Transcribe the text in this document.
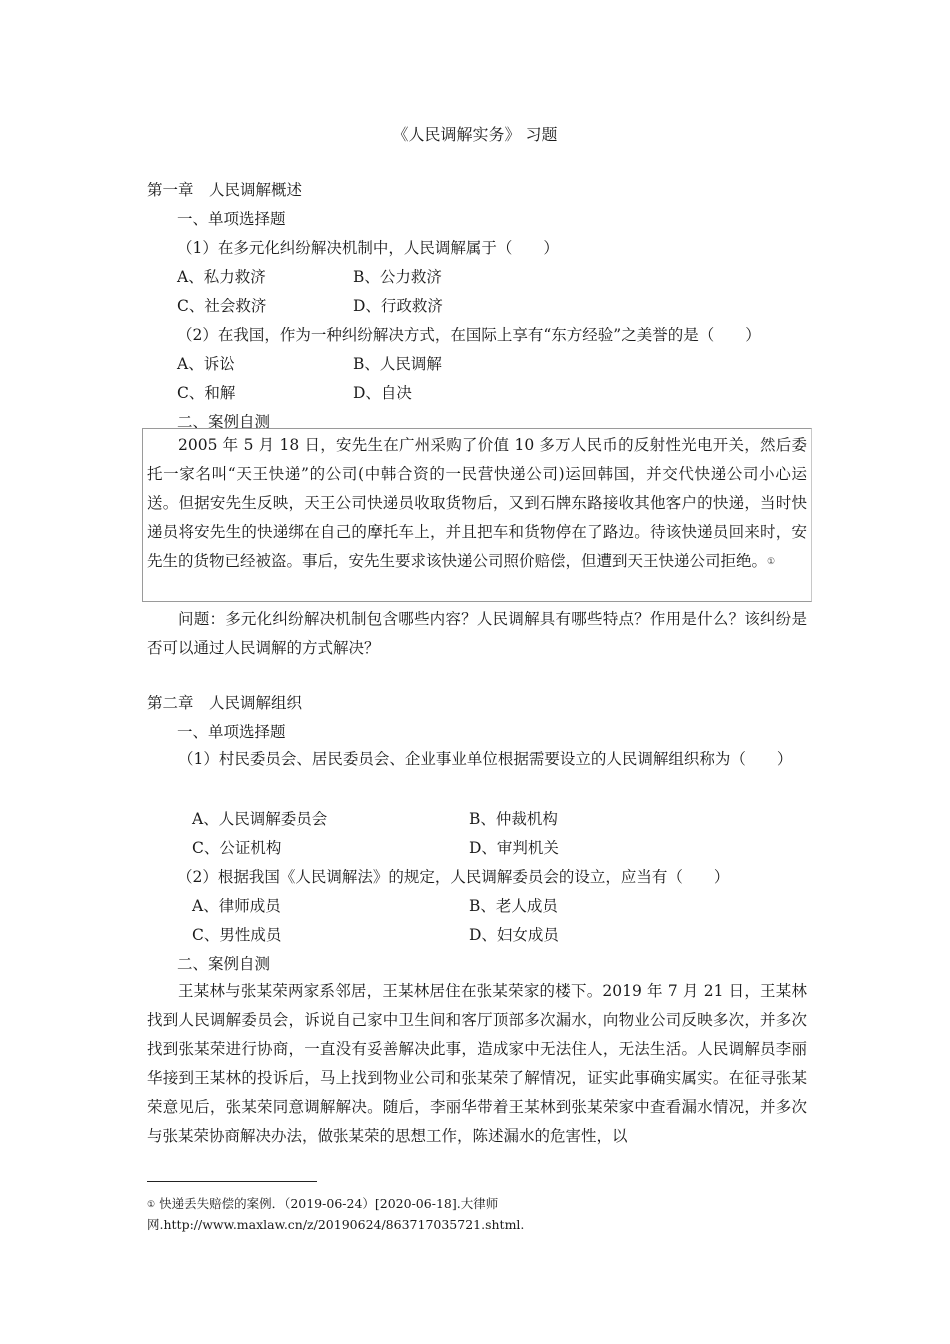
《人民调解实务》 习题
第一章　人民调解概述
一、单项选择题
（1）在多元化纠纷解决机制中，人民调解属于（　　）
A、私力救济	B、公力救济
C、社会救济	D、行政救济
（2）在我国，作为一种纠纷解决方式，在国际上享有“东方经验”之美誉的是（　　）
A、诉讼	B、人民调解
C、和解	D、自决
二、案例自测
2005 年 5 月 18 日，安先生在广州采购了价值 10 多万人民币的反射性光电开关，然后委托一家名叫“天王快递”的公司(中韩合资的一民营快递公司)运回韩国，并交代快递公司小心运送。但据安先生反映，天王公司快递员收取货物后，又到石牌东路接收其他客户的快递，当时快递员将安先生的快递绑在自己的摩托车上，并且把车和货物停在了路边。待该快递员回来时，安先生的货物已经被盗。事后，安先生要求该快递公司照价赔偿，但遭到天王快递公司拒绝。①
问题：多元化纠纷解决机制包含哪些内容？人民调解具有哪些特点？作用是什么？该纠纷是否可以通过人民调解的方式解决？
第二章　人民调解组织
一、单项选择题
（1）村民委员会、居民委员会、企业事业单位根据需要设立的人民调解组织称为（　　）
A、人民调解委员会	B、仲裁机构
C、公证机构	D、审判机关
（2）根据我国《人民调解法》的规定，人民调解委员会的设立，应当有（　　）
A、律师成员	B、老人成员
C、男性成员	D、妇女成员
二、案例自测
王某林与张某荣两家系邻居，王某林居住在张某荣家的楼下。2019 年 7 月 21 日，王某林找到人民调解委员会，诉说自己家中卫生间和客厅顶部多次漏水，向物业公司反映多次，并多次找到张某荣进行协商，一直没有妥善解决此事，造成家中无法住人，无法生活。人民调解员李丽华接到王某林的投诉后，马上找到物业公司和张某荣了解情况，证实此事确实属实。在征寻张某荣意见后，张某荣同意调解解决。随后，李丽华带着王某林到张某荣家中查看漏水情况，并多次与张某荣协商解决办法，做张某荣的思想工作，陈述漏水的危害性，以
① 快递丢失赔偿的案例．（2019-06-24）[2020-06-18].大律师网.http://www.maxlaw.cn/z/20190624/863717035721.shtml.
